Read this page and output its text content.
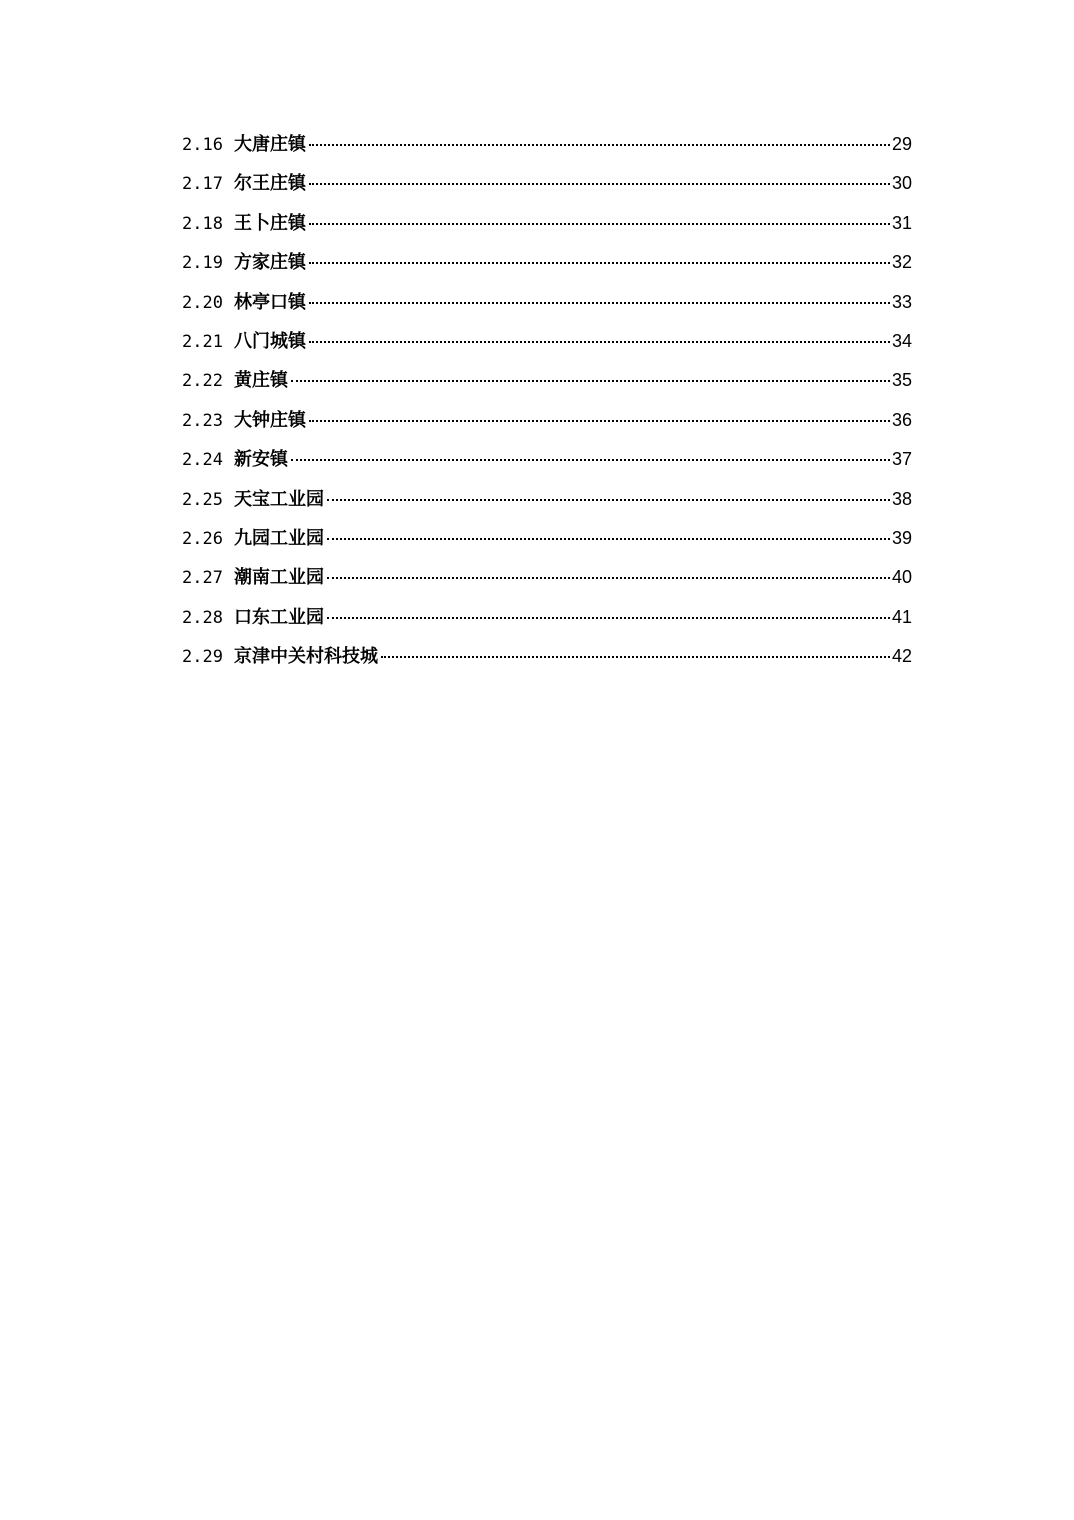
2.16 大唐庄镇	29
2.17 尔王庄镇	30
2.18 王卜庄镇	31
2.19 方家庄镇	32
2.20 林亭口镇	33
2.21 八门城镇	34
2.22 黄庄镇	35
2.23 大钟庄镇	36
2.24 新安镇	37
2.25 天宝工业园	38
2.26 九园工业园	39
2.27 潮南工业园	40
2.28 口东工业园	41
2.29 京津中关村科技城	42
